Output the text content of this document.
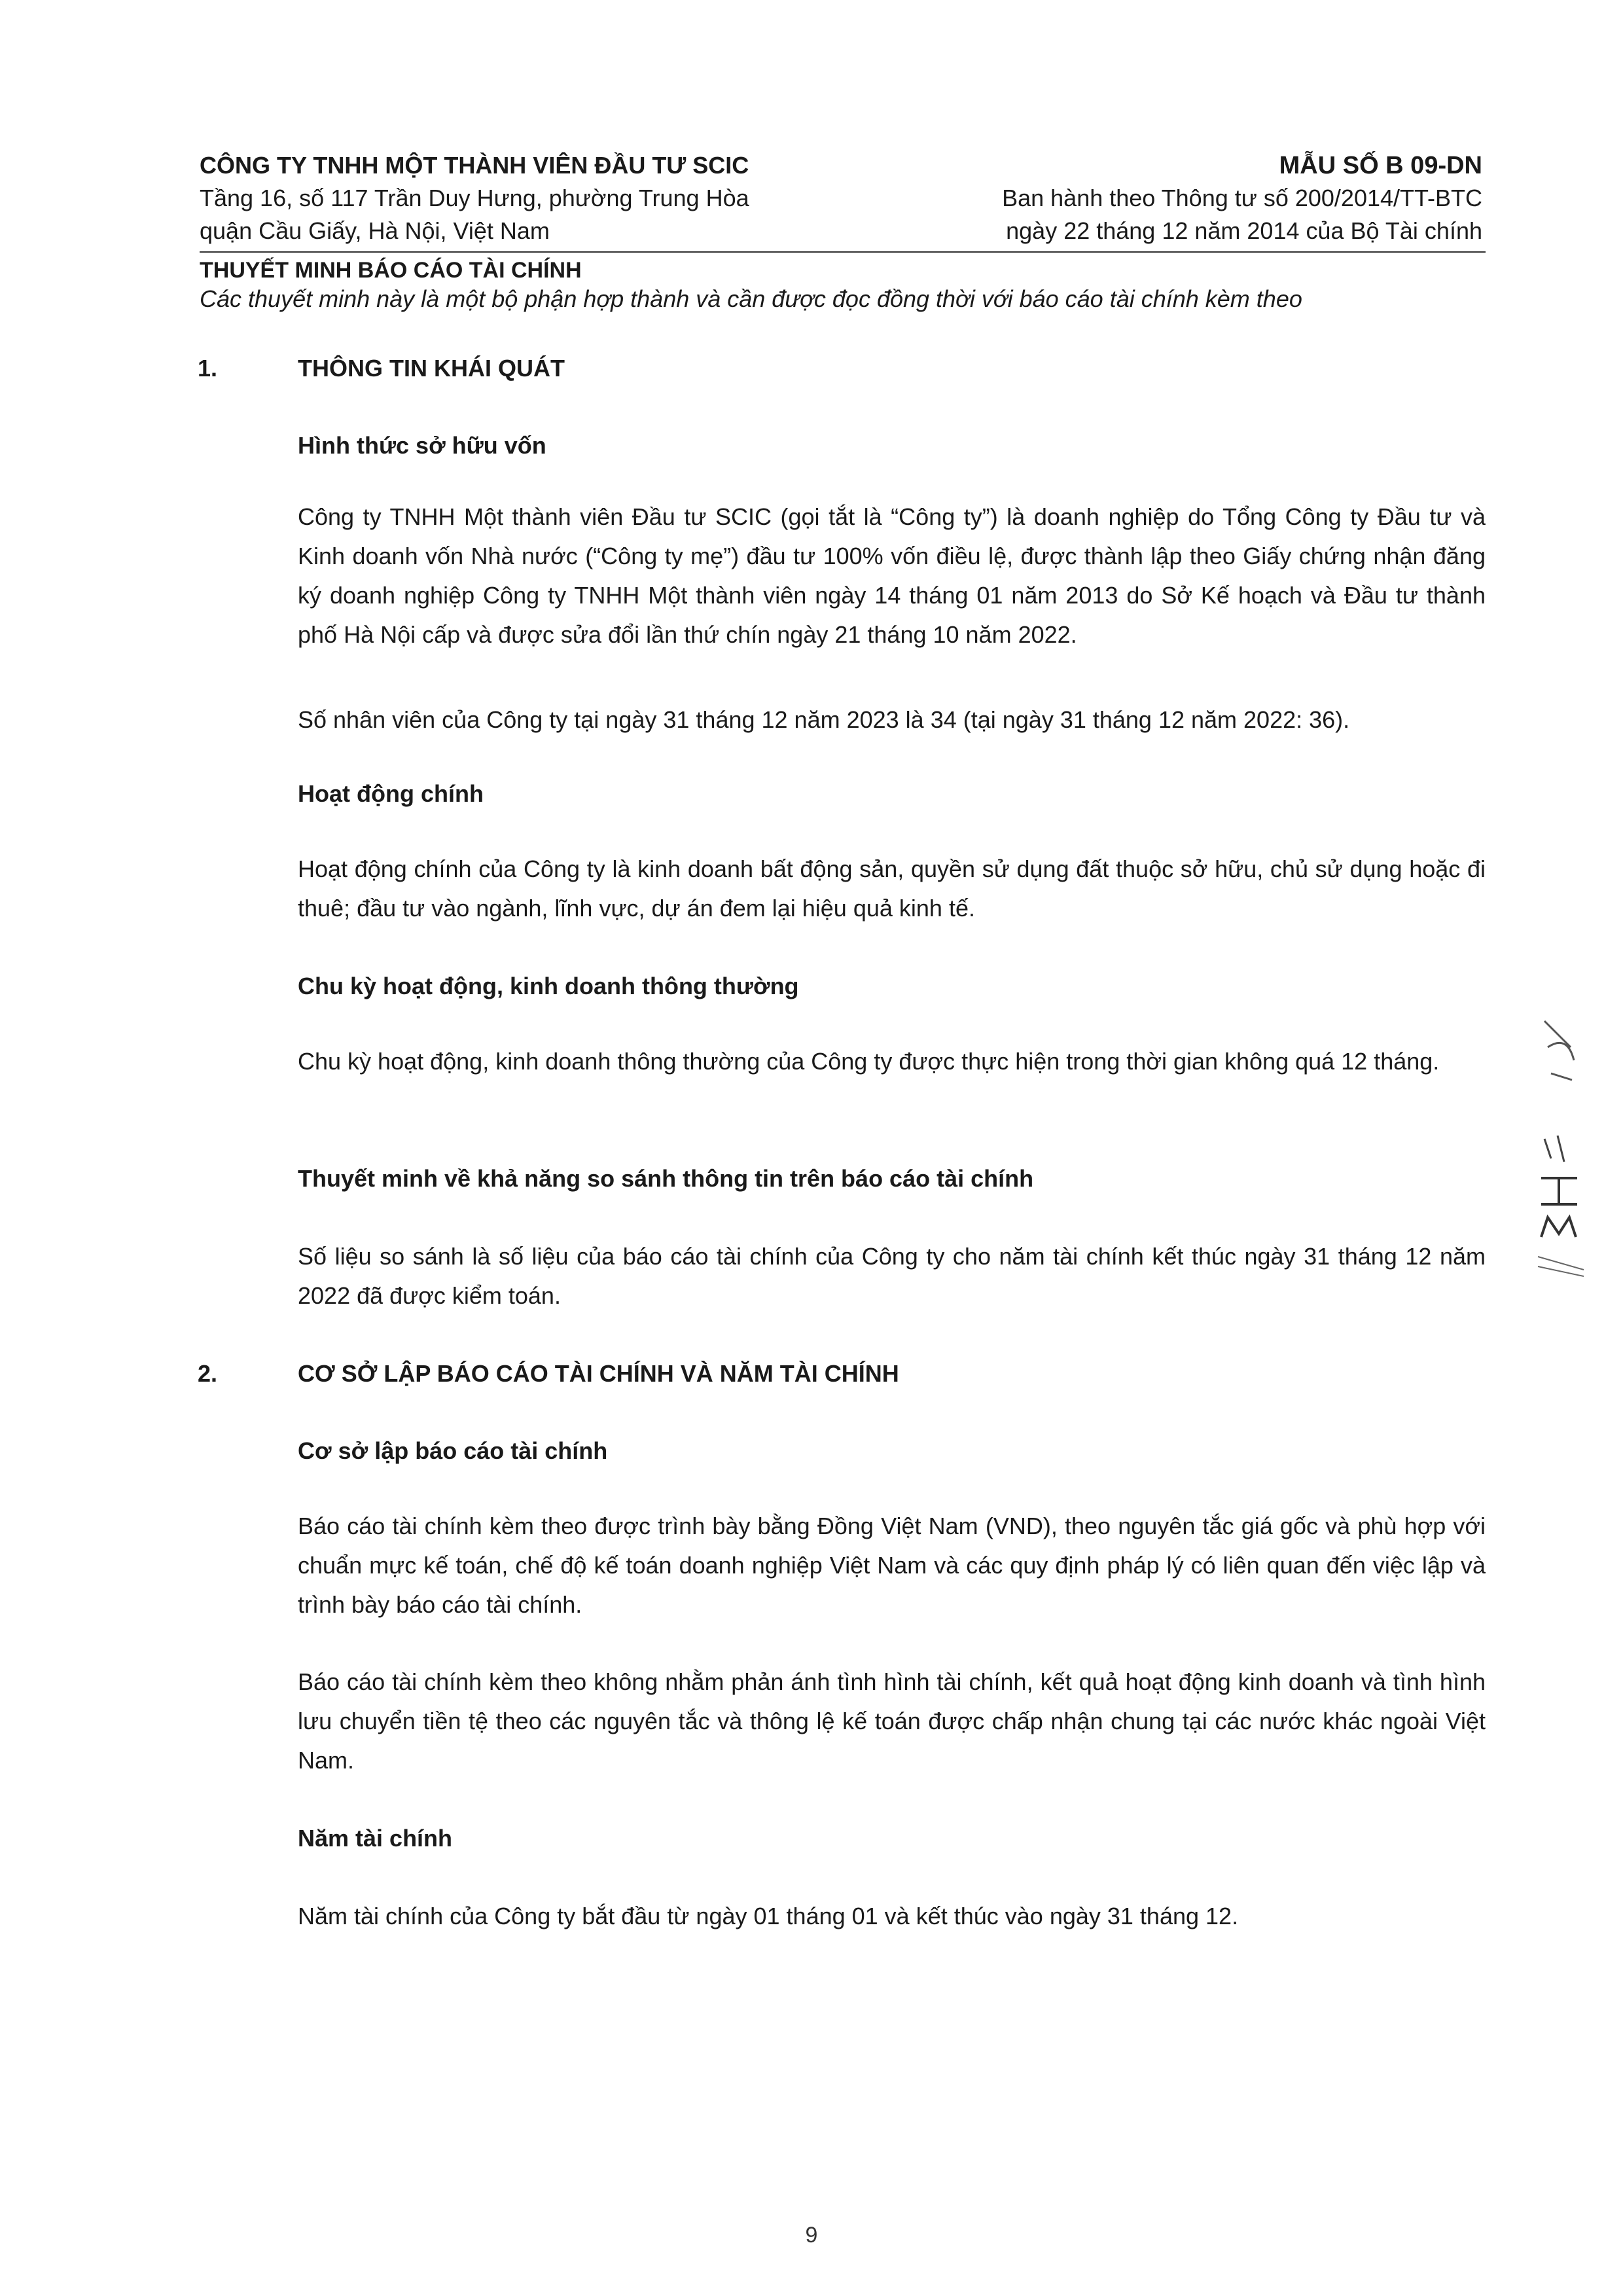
CÔNG TY TNHH MỘT THÀNH VIÊN ĐẦU TƯ SCIC
Tầng 16, số 117 Trần Duy Hưng, phường Trung Hòa
quận Cầu Giấy, Hà Nội, Việt Nam
MẪU SỐ B 09-DN
Ban hành theo Thông tư số 200/2014/TT-BTC
ngày 22 tháng 12 năm 2014 của Bộ Tài chính
THUYẾT MINH BÁO CÁO TÀI CHÍNH
Các thuyết minh này là một bộ phận hợp thành và cần được đọc đồng thời với báo cáo tài chính kèm theo
1.	THÔNG TIN KHÁI QUÁT
Hình thức sở hữu vốn
Công ty TNHH Một thành viên Đầu tư SCIC (gọi tắt là “Công ty”) là doanh nghiệp do Tổng Công ty Đầu tư và Kinh doanh vốn Nhà nước (“Công ty mẹ”) đầu tư 100% vốn điều lệ, được thành lập theo Giấy chứng nhận đăng ký doanh nghiệp Công ty TNHH Một thành viên ngày 14 tháng 01 năm 2013 do Sở Kế hoạch và Đầu tư thành phố Hà Nội cấp và được sửa đổi lần thứ chín ngày 21 tháng 10 năm 2022.
Số nhân viên của Công ty tại ngày 31 tháng 12 năm 2023 là 34 (tại ngày 31 tháng 12 năm 2022: 36).
Hoạt động chính
Hoạt động chính của Công ty là kinh doanh bất động sản, quyền sử dụng đất thuộc sở hữu, chủ sử dụng hoặc đi thuê; đầu tư vào ngành, lĩnh vực, dự án đem lại hiệu quả kinh tế.
Chu kỳ hoạt động, kinh doanh thông thường
Chu kỳ hoạt động, kinh doanh thông thường của Công ty được thực hiện trong thời gian không quá 12 tháng.
Thuyết minh về khả năng so sánh thông tin trên báo cáo tài chính
Số liệu so sánh là số liệu của báo cáo tài chính của Công ty cho năm tài chính kết thúc ngày 31 tháng 12 năm 2022 đã được kiểm toán.
2.	CƠ SỞ LẬP BÁO CÁO TÀI CHÍNH VÀ NĂM TÀI CHÍNH
Cơ sở lập báo cáo tài chính
Báo cáo tài chính kèm theo được trình bày bằng Đồng Việt Nam (VND), theo nguyên tắc giá gốc và phù hợp với chuẩn mực kế toán, chế độ kế toán doanh nghiệp Việt Nam và các quy định pháp lý có liên quan đến việc lập và trình bày báo cáo tài chính.
Báo cáo tài chính kèm theo không nhằm phản ánh tình hình tài chính, kết quả hoạt động kinh doanh và tình hình lưu chuyển tiền tệ theo các nguyên tắc và thông lệ kế toán được chấp nhận chung tại các nước khác ngoài Việt Nam.
Năm tài chính
Năm tài chính của Công ty bắt đầu từ ngày 01 tháng 01 và kết thúc vào ngày 31 tháng 12.
9
